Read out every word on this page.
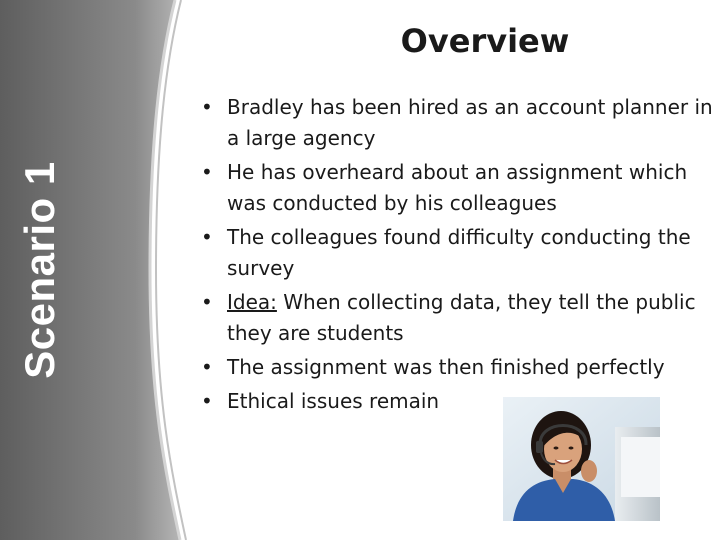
Scenario 1
Overview
• Bradley has been hired as an account planner in a large agency
• He has overheard about an assignment which was conducted by his colleagues
• The colleagues found difficulty conducting the survey
• Idea: When collecting data, they tell the public they are students
• The assignment was then finished perfectly
• Ethical issues remain
